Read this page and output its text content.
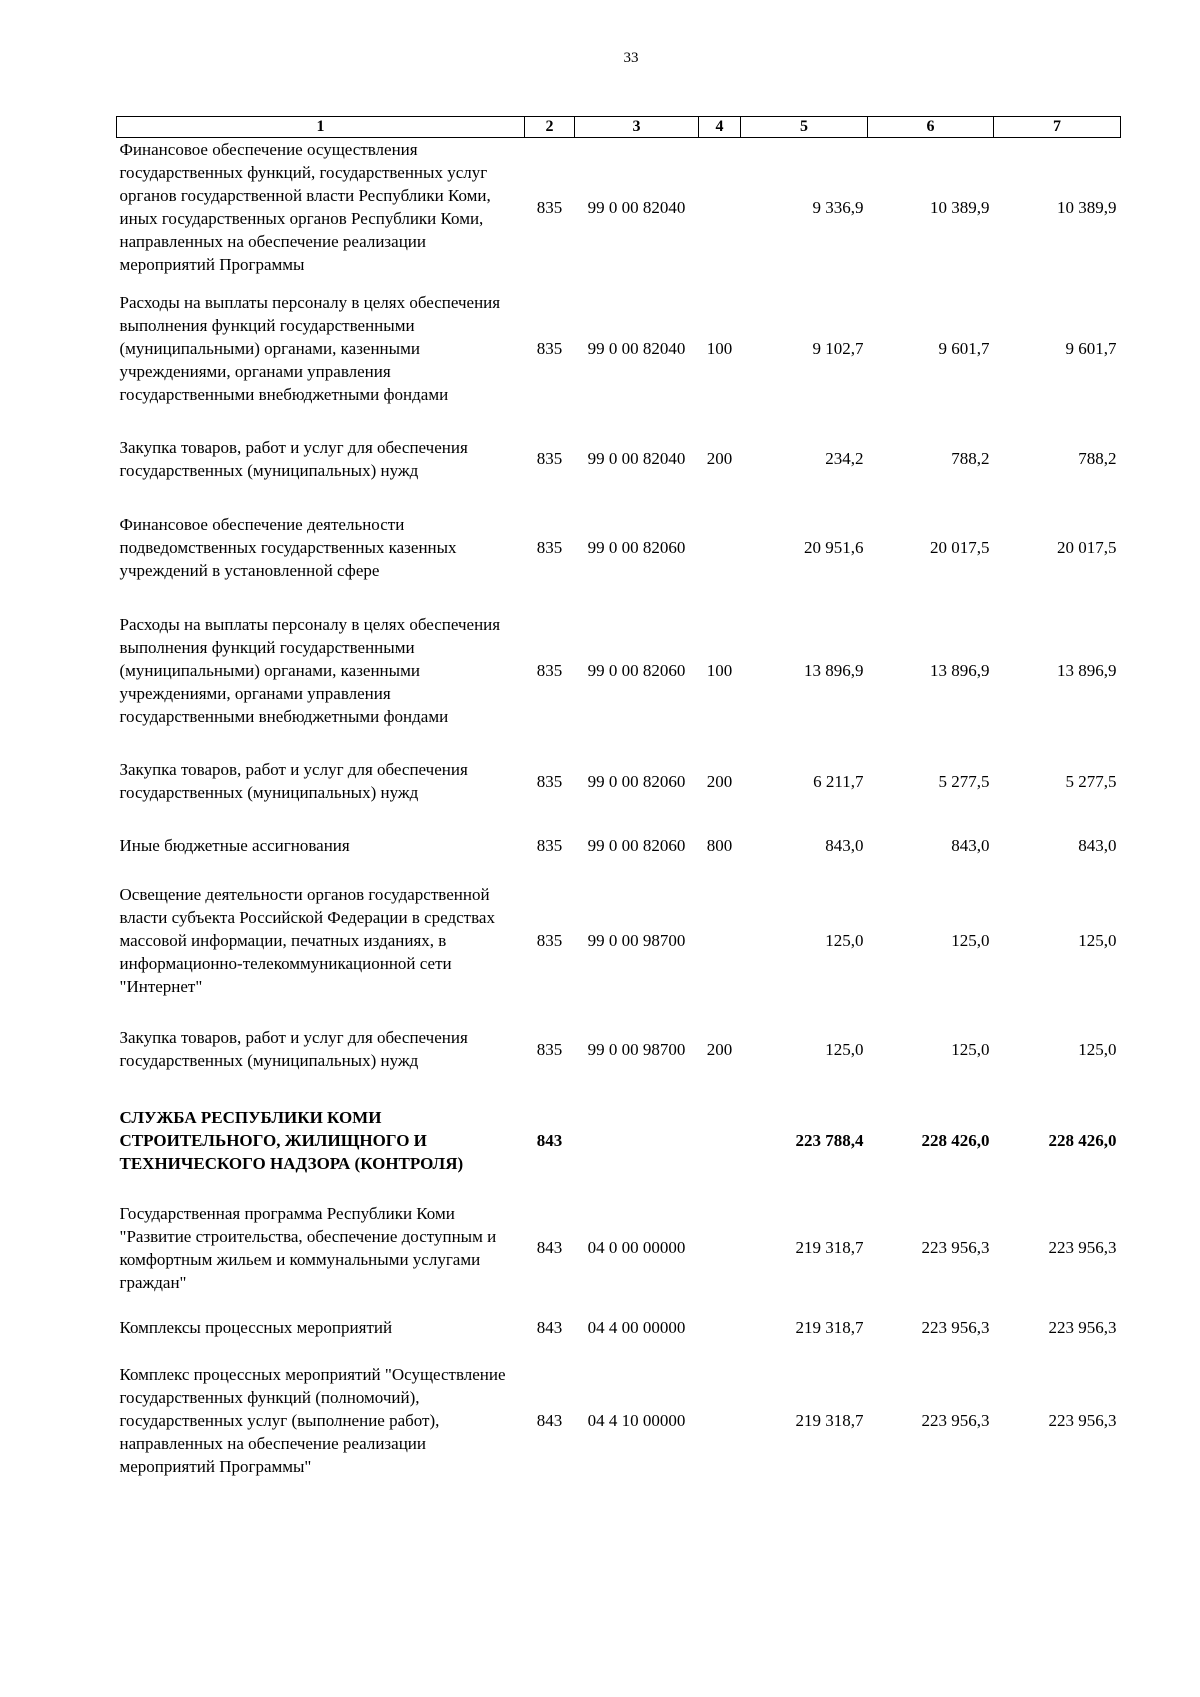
33
1	2	3	4	5	6	7
Финансовое обеспечение осуществления государственных функций, государственных услуг органов государственной власти Республики Коми, иных государственных органов Республики Коми, направленных на обеспечение реализации мероприятий Программы	835	99 0 00 82040		9 336,9	10 389,9	10 389,9
Расходы на выплаты персоналу в целях обеспечения выполнения функций государственными (муниципальными) органами, казенными учреждениями, органами управления государственными внебюджетными фондами	835	99 0 00 82040	100	9 102,7	9 601,7	9 601,7
Закупка товаров, работ и услуг для обеспечения государственных (муниципальных) нужд	835	99 0 00 82040	200	234,2	788,2	788,2
Финансовое обеспечение деятельности подведомственных государственных казенных учреждений в установленной сфере	835	99 0 00 82060		20 951,6	20 017,5	20 017,5
Расходы на выплаты персоналу в целях обеспечения выполнения функций государственными (муниципальными) органами, казенными учреждениями, органами управления государственными внебюджетными фондами	835	99 0 00 82060	100	13 896,9	13 896,9	13 896,9
Закупка товаров, работ и услуг для обеспечения государственных (муниципальных) нужд	835	99 0 00 82060	200	6 211,7	5 277,5	5 277,5
Иные бюджетные ассигнования	835	99 0 00 82060	800	843,0	843,0	843,0
Освещение деятельности органов государственной власти субъекта Российской Федерации в средствах массовой информации, печатных изданиях, в информационно-телекоммуникационной сети "Интернет"	835	99 0 00 98700		125,0	125,0	125,0
Закупка товаров, работ и услуг для обеспечения государственных (муниципальных) нужд	835	99 0 00 98700	200	125,0	125,0	125,0
СЛУЖБА РЕСПУБЛИКИ КОМИ СТРОИТЕЛЬНОГО, ЖИЛИЩНОГО И ТЕХНИЧЕСКОГО НАДЗОРА (КОНТРОЛЯ)	843			223 788,4	228 426,0	228 426,0
Государственная программа Республики Коми "Развитие строительства, обеспечение доступным и комфортным жильем и коммунальными услугами граждан"	843	04 0 00 00000		219 318,7	223 956,3	223 956,3
Комплексы процессных мероприятий	843	04 4 00 00000		219 318,7	223 956,3	223 956,3
Комплекс процессных мероприятий "Осуществление государственных функций (полномочий), государственных услуг (выполнение работ), направленных на обеспечение реализации мероприятий Программы"	843	04 4 10 00000		219 318,7	223 956,3	223 956,3
